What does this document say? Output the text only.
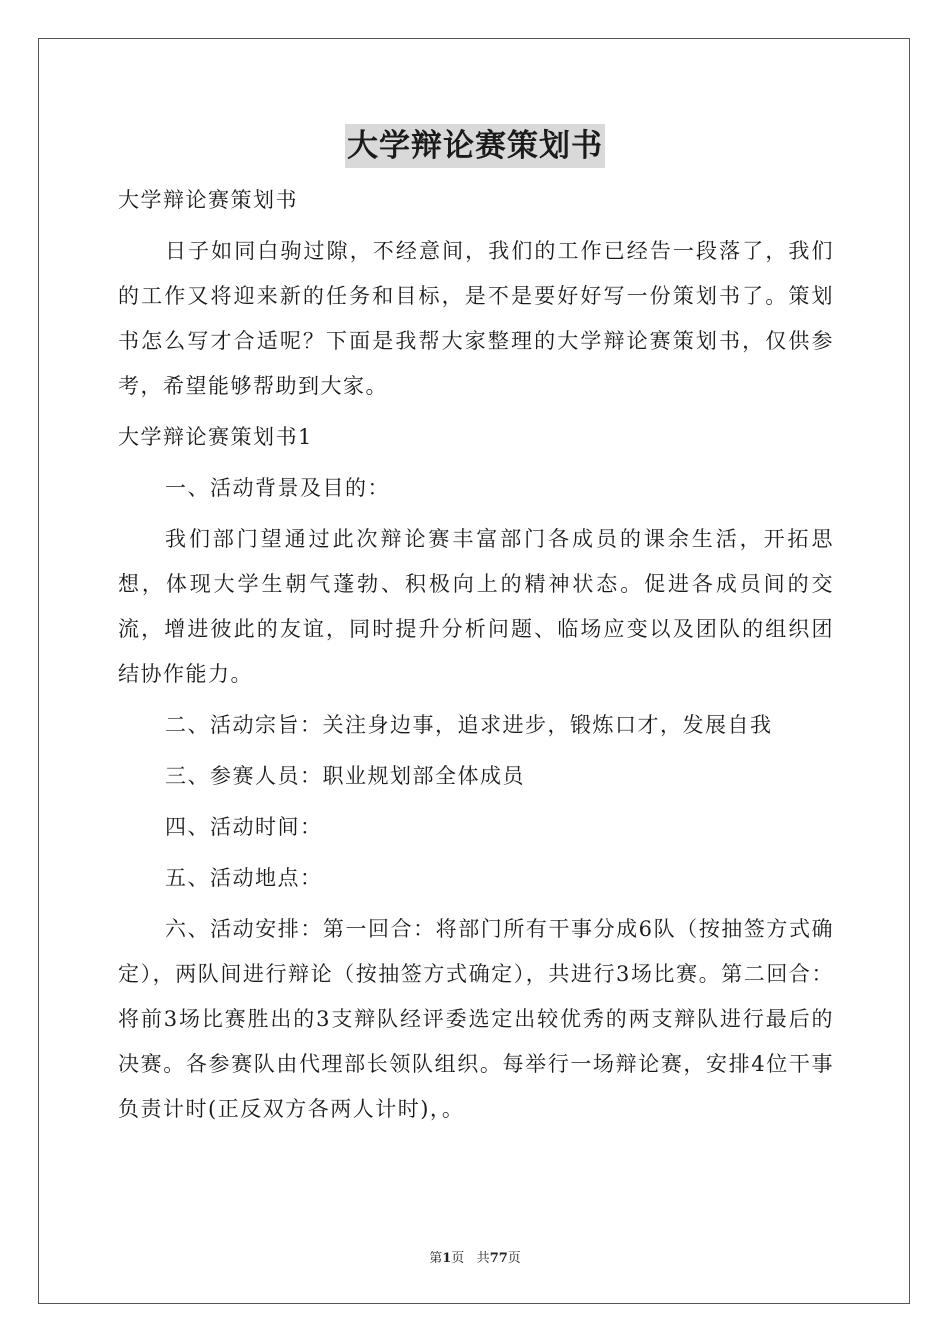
大学辩论赛策划书

大学辩论赛策划书

日子如同白驹过隙，不经意间，我们的工作已经告一段落了，我们的工作又将迎来新的任务和目标，是不是要好好写一份策划书了。策划书怎么写才合适呢？下面是我帮大家整理的大学辩论赛策划书，仅供参考，希望能够帮助到大家。

大学辩论赛策划书1

一、活动背景及目的：

我们部门望通过此次辩论赛丰富部门各成员的课余生活，开拓思想，体现大学生朝气蓬勃、积极向上的精神状态。促进各成员间的交流，增进彼此的友谊，同时提升分析问题、临场应变以及团队的组织团结协作能力。

二、活动宗旨：关注身边事，追求进步，锻炼口才，发展自我

三、参赛人员：职业规划部全体成员

四、活动时间：

五、活动地点：

六、活动安排：第一回合：将部门所有干事分成6队（按抽签方式确定），两队间进行辩论（按抽签方式确定），共进行3场比赛。第二回合：将前3场比赛胜出的3支辩队经评委选定出较优秀的两支辩队进行最后的决赛。各参赛队由代理部长领队组织。每举行一场辩论赛，安排4位干事负责计时(正反双方各两人计时)，。

第1页 共77页
